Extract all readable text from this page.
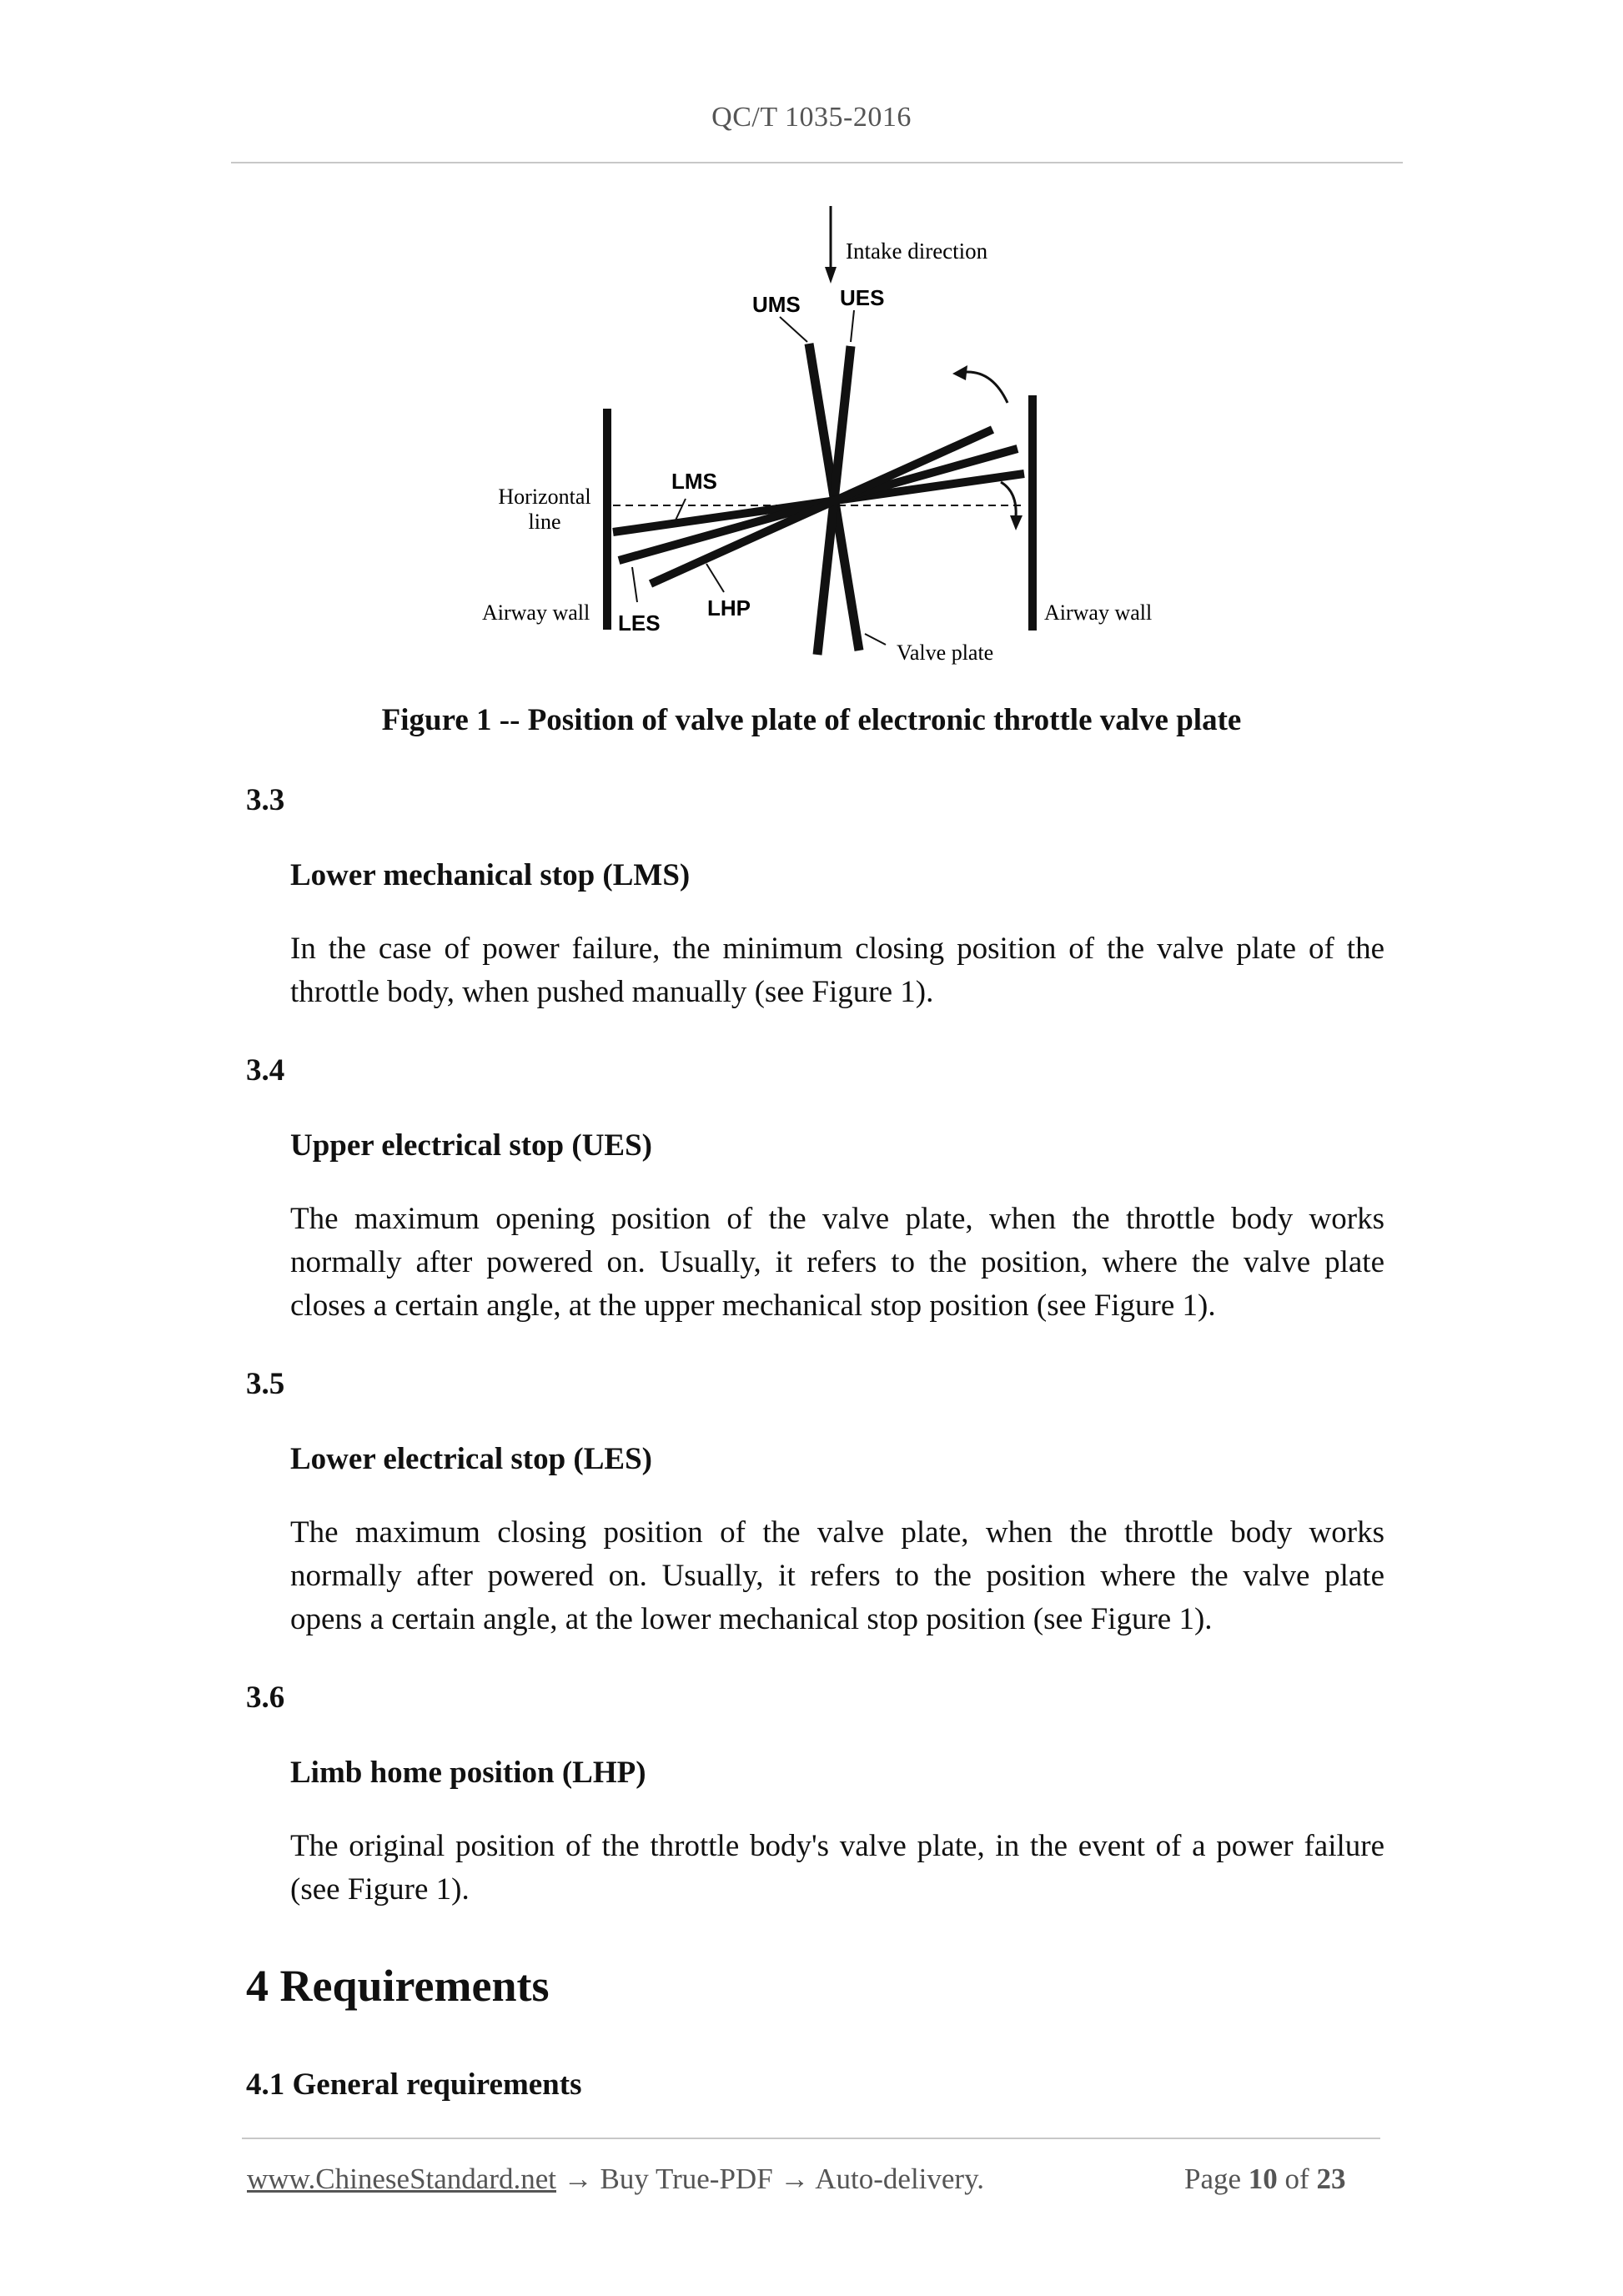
QC/T 1035-2016
Intake direction
UMS UES
LMS
LES
LHP
Horizontal
line
Airway wall	Airway wall
Valve plate
Figure 1 -- Position of valve plate of electronic throttle valve plate
3.3
Lower mechanical stop (LMS)
In the case of power failure, the minimum closing position of the valve plate of the
throttle body, when pushed manually (see Figure 1).
3.4
Upper electrical stop (UES)
The maximum opening position of the valve plate, when the throttle body works
normally after powered on. Usually, it refers to the position, where the valve plate
closes a certain angle, at the upper mechanical stop position (see Figure 1).
3.5
Lower electrical stop (LES)
The maximum closing position of the valve plate, when the throttle body works
normally after powered on. Usually, it refers to the position where the valve plate
opens a certain angle, at the lower mechanical stop position (see Figure 1).
3.6
Limb home position (LHP)
The original position of the throttle body's valve plate, in the event of a power failure
(see Figure 1).
4 Requirements
4.1 General requirements
www.ChineseStandard.net → Buy True-PDF → Auto-delivery.	Page 10 of 23
